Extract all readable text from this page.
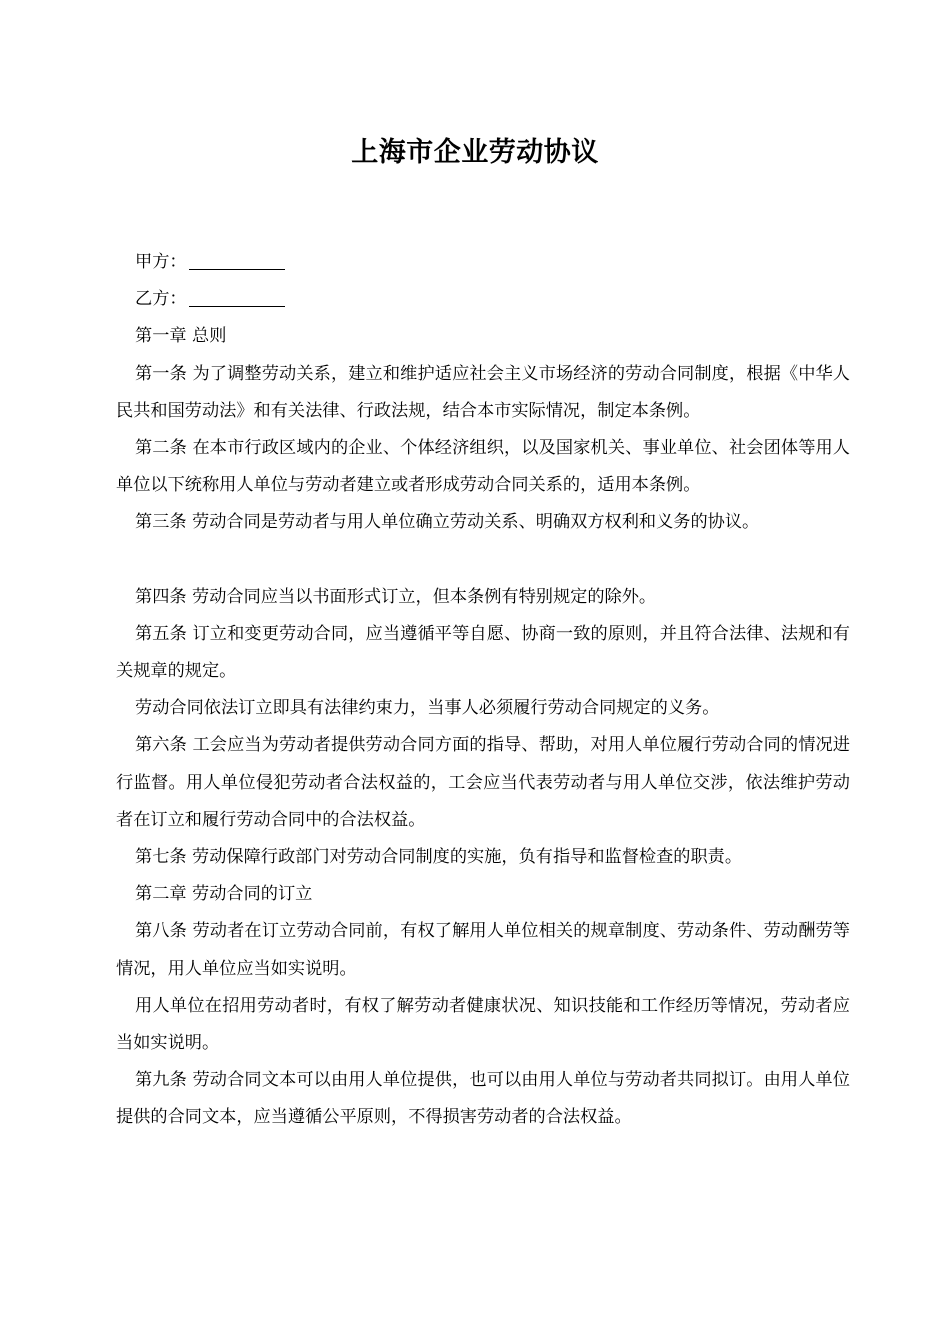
上海市企业劳动协议

甲方：

乙方：

第一章 总则

第一条 为了调整劳动关系，建立和维护适应社会主义市场经济的劳动合同制度，根据《中华人民共和国劳动法》和有关法律、行政法规，结合本市实际情况，制定本条例。

第二条 在本市行政区域内的企业、个体经济组织，以及国家机关、事业单位、社会团体等用人单位以下统称用人单位与劳动者建立或者形成劳动合同关系的，适用本条例。

第三条 劳动合同是劳动者与用人单位确立劳动关系、明确双方权利和义务的协议。

第四条 劳动合同应当以书面形式订立，但本条例有特别规定的除外。

第五条 订立和变更劳动合同，应当遵循平等自愿、协商一致的原则，并且符合法律、法规和有关规章的规定。

劳动合同依法订立即具有法律约束力，当事人必须履行劳动合同规定的义务。

第六条 工会应当为劳动者提供劳动合同方面的指导、帮助，对用人单位履行劳动合同的情况进行监督。用人单位侵犯劳动者合法权益的，工会应当代表劳动者与用人单位交涉，依法维护劳动者在订立和履行劳动合同中的合法权益。

第七条 劳动保障行政部门对劳动合同制度的实施，负有指导和监督检查的职责。

第二章 劳动合同的订立

第八条 劳动者在订立劳动合同前，有权了解用人单位相关的规章制度、劳动条件、劳动酬劳等情况，用人单位应当如实说明。

用人单位在招用劳动者时，有权了解劳动者健康状况、知识技能和工作经历等情况，劳动者应当如实说明。

第九条 劳动合同文本可以由用人单位提供，也可以由用人单位与劳动者共同拟订。由用人单位提供的合同文本，应当遵循公平原则，不得损害劳动者的合法权益。
